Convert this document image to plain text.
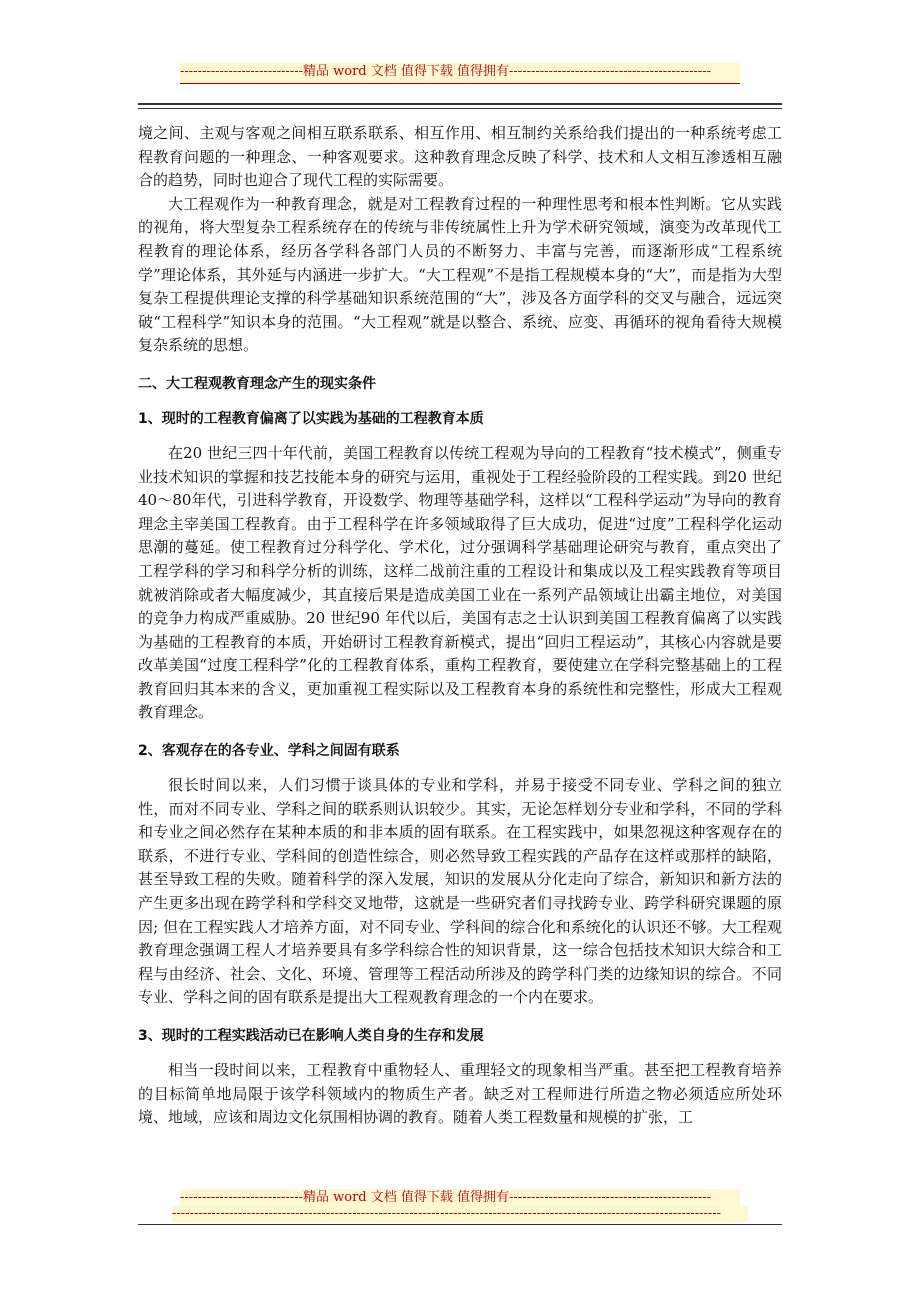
----------------------------精品 word 文档 值得下载 值得拥有----------------------------------------------

境之间、主观与客观之间相互联系联系、相互作用、相互制约关系给我们提出的一种系统考虑工程教育问题的一种理念、一种客观要求。这种教育理念反映了科学、技术和人文相互渗透相互融合的趋势，同时也迎合了现代工程的实际需要。

大工程观作为一种教育理念，就是对工程教育过程的一种理性思考和根本性判断。它从实践的视角，将大型复杂工程系统存在的传统与非传统属性上升为学术研究领域，演变为改革现代工程教育的理论体系，经历各学科各部门人员的不断努力、丰富与完善，而逐渐形成“工程系统学”理论体系，其外延与内涵进一步扩大。“大工程观”不是指工程规模本身的“大”，而是指为大型复杂工程提供理论支撑的科学基础知识系统范围的“大”，涉及各方面学科的交叉与融合，远远突破“工程科学”知识本身的范围。“大工程观”就是以整合、系统、应变、再循环的视角看待大规模复杂系统的思想。

二、大工程观教育理念产生的现实条件
1、现时的工程教育偏离了以实践为基础的工程教育本质

在20 世纪三四十年代前，美国工程教育以传统工程观为导向的工程教育“技术模式”，侧重专业技术知识的掌握和技艺技能本身的研究与运用，重视处于工程经验阶段的工程实践。到20 世纪40～80年代，引进科学教育，开设数学、物理等基础学科，这样以“工程科学运动”为导向的教育理念主宰美国工程教育。由于工程科学在许多领域取得了巨大成功，促进“过度”工程科学化运动思潮的蔓延。使工程教育过分科学化、学术化，过分强调科学基础理论研究与教育，重点突出了工程学科的学习和科学分析的训练，这样二战前注重的工程设计和集成以及工程实践教育等项目就被消除或者大幅度减少，其直接后果是造成美国工业在一系列产品领域让出霸主地位，对美国的竞争力构成严重威胁。20 世纪90 年代以后，美国有志之士认识到美国工程教育偏离了以实践为基础的工程教育的本质，开始研讨工程教育新模式，提出“回归工程运动”，其核心内容就是要改革美国“过度工程科学”化的工程教育体系，重构工程教育，要使建立在学科完整基础上的工程教育回归其本来的含义，更加重视工程实际以及工程教育本身的系统性和完整性，形成大工程观教育理念。

2、客观存在的各专业、学科之间固有联系

很长时间以来，人们习惯于谈具体的专业和学科，并易于接受不同专业、学科之间的独立性，而对不同专业、学科之间的联系则认识较少。其实，无论怎样划分专业和学科，不同的学科和专业之间必然存在某种本质的和非本质的固有联系。在工程实践中，如果忽视这种客观存在的联系，不进行专业、学科间的创造性综合，则必然导致工程实践的产品存在这样或那样的缺陷，甚至导致工程的失败。随着科学的深入发展，知识的发展从分化走向了综合，新知识和新方法的产生更多出现在跨学科和学科交叉地带，这就是一些研究者们寻找跨专业、跨学科研究课题的原因; 但在工程实践人才培养方面，对不同专业、学科间的综合化和系统化的认识还不够。大工程观教育理念强调工程人才培养要具有多学科综合性的知识背景，这一综合包括技术知识大综合和工程与由经济、社会、文化、环境、管理等工程活动所涉及的跨学科门类的边缘知识的综合。不同专业、学科之间的固有联系是提出大工程观教育理念的一个内在要求。

3、现时的工程实践活动已在影响人类自身的生存和发展

相当一段时间以来，工程教育中重物轻人、重理轻文的现象相当严重。甚至把工程教育培养的目标简单地局限于该学科领域内的物质生产者。缺乏对工程师进行所造之物必须适应所处环境、地域，应该和周边文化氛围相协调的教育。随着人类工程数量和规模的扩张，工

----------------------------精品 word 文档 值得下载 值得拥有----------------------------------------------
-----------------------------------------------------------------------------------------------------------------------------
